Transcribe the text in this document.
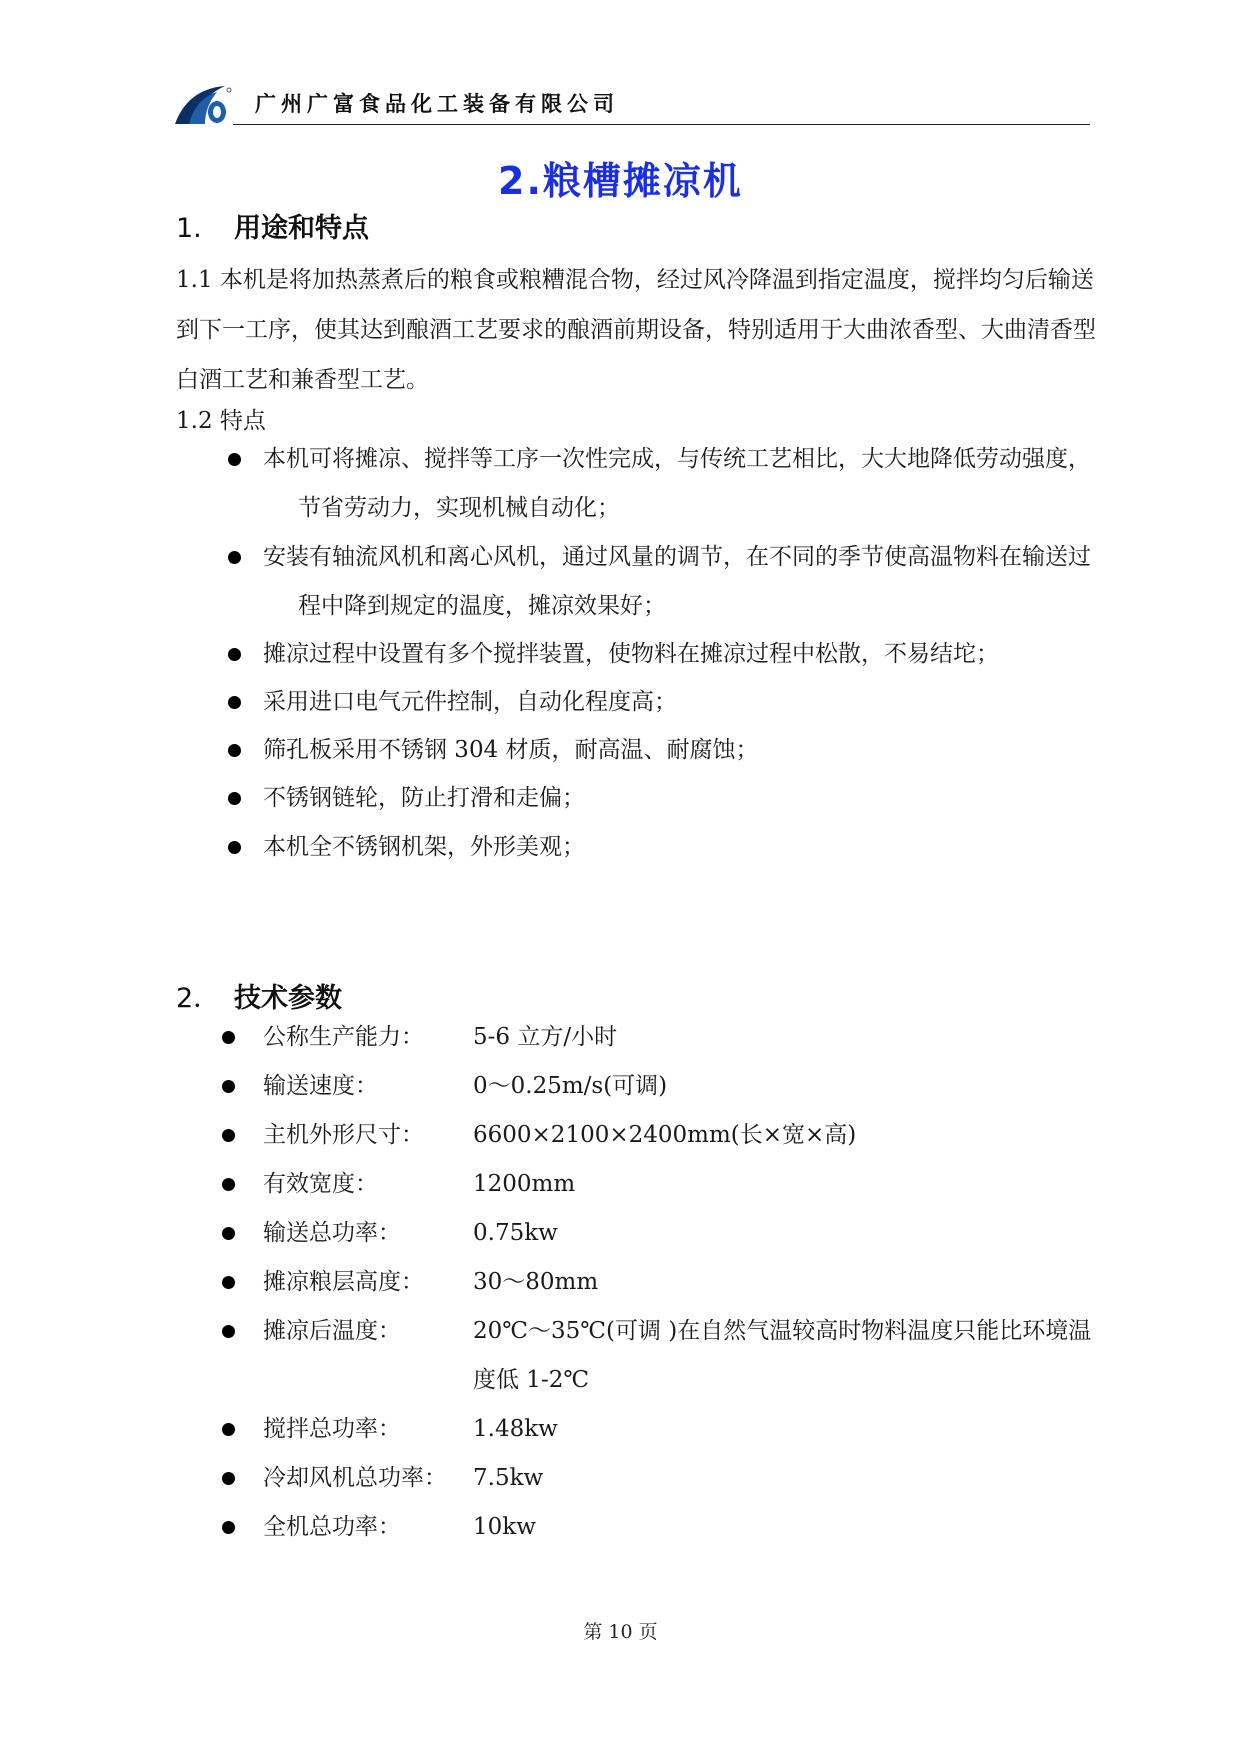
广州广富食品化工装备有限公司
2.粮槽摊凉机
1. 用途和特点

1.1 本机是将加热蒸煮后的粮食或粮糟混合物，经过风冷降温到指定温度，搅拌均匀后输送到下一工序，使其达到酿酒工艺要求的酿酒前期设备，特别适用于大曲浓香型、大曲清香型白酒工艺和兼香型工艺。

1.2 特点
本机可将摊凉、搅拌等工序一次性完成，与传统工艺相比，大大地降低劳动强度，节省劳动力，实现机械自动化；
安装有轴流风机和离心风机，通过风量的调节，在不同的季节使高温物料在输送过程中降到规定的温度，摊凉效果好；
摊凉过程中设置有多个搅拌装置，使物料在摊凉过程中松散，不易结坨；
采用进口电气元件控制，自动化程度高；
筛孔板采用不锈钢 304 材质，耐高温、耐腐蚀；
不锈钢链轮，防止打滑和走偏；
本机全不锈钢机架，外形美观；
2． 技术参数
公称生产能力： 5-6 立方/小时
输送速度：	0～0.25m/s(可调)
主机外形尺寸： 6600×2100×2400mm(长×宽×高)
有效宽度：	1200mm
输送总功率：	0.75kw
摊凉粮层高度： 30～80mm
摊凉后温度：	20℃～35℃(可调 )在自然气温较高时物料温度只能比环境温度低 1-2℃
搅拌总功率：	1.48kw
冷却风机总功率： 7.5kw
全机总功率：	10kw
第 10 页
